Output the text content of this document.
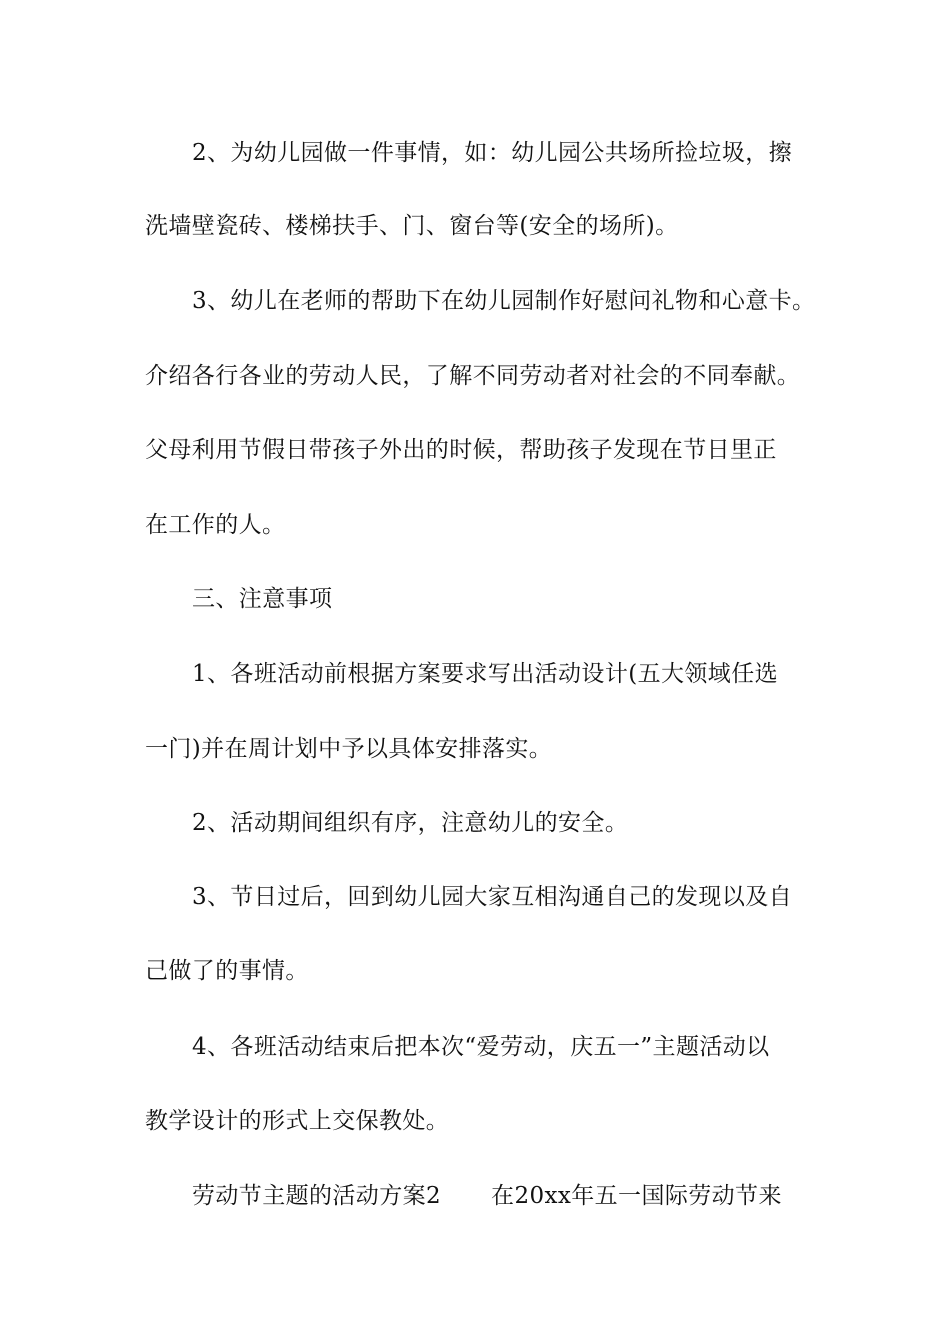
2、为幼儿园做一件事情，如：幼儿园公共场所捡垃圾，擦
洗墙壁瓷砖、楼梯扶手、门、窗台等(安全的场所)。
3、幼儿在老师的帮助下在幼儿园制作好慰问礼物和心意卡。
介绍各行各业的劳动人民，了解不同劳动者对社会的不同奉献。
父母利用节假日带孩子外出的时候，帮助孩子发现在节日里正
在工作的人。
三、注意事项
1、各班活动前根据方案要求写出活动设计(五大领域任选
一门)并在周计划中予以具体安排落实。
2、活动期间组织有序，注意幼儿的安全。
3、节日过后，回到幼儿园大家互相沟通自己的发现以及自
己做了的事情。
4、各班活动结束后把本次“爱劳动，庆五一”主题活动以
教学设计的形式上交保教处。
劳动节主题的活动方案2 在20xx年五一国际劳动节来
